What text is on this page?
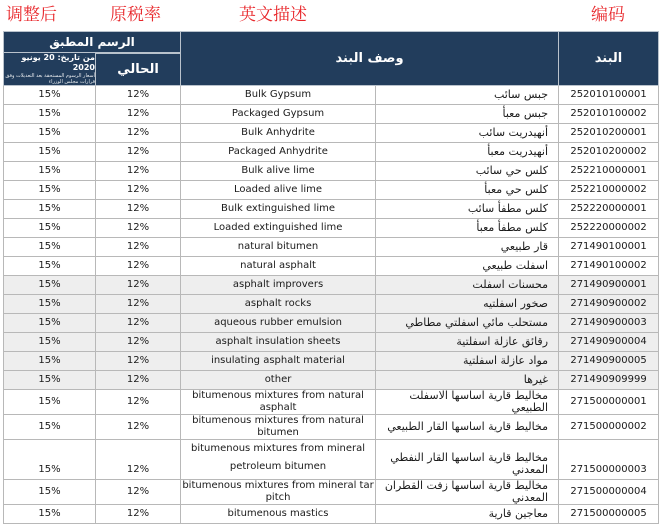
调整后	原税率	英文描述	编码
الرسم المطبق		وصف البند		البند
من تاريخ: 20 يونيو 2020
أسعار الرسوم المستحقة بعد التعديلات وفق قرارات مجلس الوزراء				

	الحالي			
15%	12%	Bulk Gypsum	جبس سائب	252010100001
15%	12%	Packaged Gypsum	جبس معبأ	252010100002
15%	12%	Bulk Anhydrite	أنهيدريت سائب	252010200001
15%	12%	Packaged Anhydrite	أنهيدريت معبأ	252010200002
15%	12%	Bulk alive lime	كلس حي سائب	252210000001
15%	12%	Loaded alive lime	كلس حي معبأ	252210000002
15%	12%	Bulk extinguished lime	كلس مطفأ سائب	252220000001
15%	12%	Loaded extinguished lime	كلس مطفأ معبأ	252220000002
15%	12%	natural bitumen	قار طبيعي	271490100001
15%	12%	natural asphalt	اسفلت طبيعي	271490100002
15%	12%	asphalt improvers	محسنات اسفلت	271490900001
15%	12%	asphalt rocks	صخور اسفلتيه	271490900002
15%	12%	aqueous rubber emulsion	مستحلب مائي اسفلتي مطاطي	271490900003
15%	12%	asphalt insulation sheets	رقائق عازلة اسفلتية	271490900004
15%	12%	insulating asphalt material	مواد عازلة اسفلتية	271490900005
15%	12%	other	غيرها	271490909999
15%	12%	bitumenous mixtures from natural asphalt	مخاليط قارية اساسها الاسفلت الطبيعي	271500000001
15%	12%	bitumenous mixtures from natural bitumen	مخاليط قارية اساسها القار الطبيعي	271500000002
15%	12%	bitumenous mixtures from mineral
petroleum bitumen	مخاليط قارية اساسها القار النفطي المعدني	271500000003
15%	12%	bitumenous mixtures from mineral tar pitch	مخاليط قارية اساسها زفت القطران المعدني	271500000004
15%	12%	bitumenous mastics	معاجين قارية	271500000005
